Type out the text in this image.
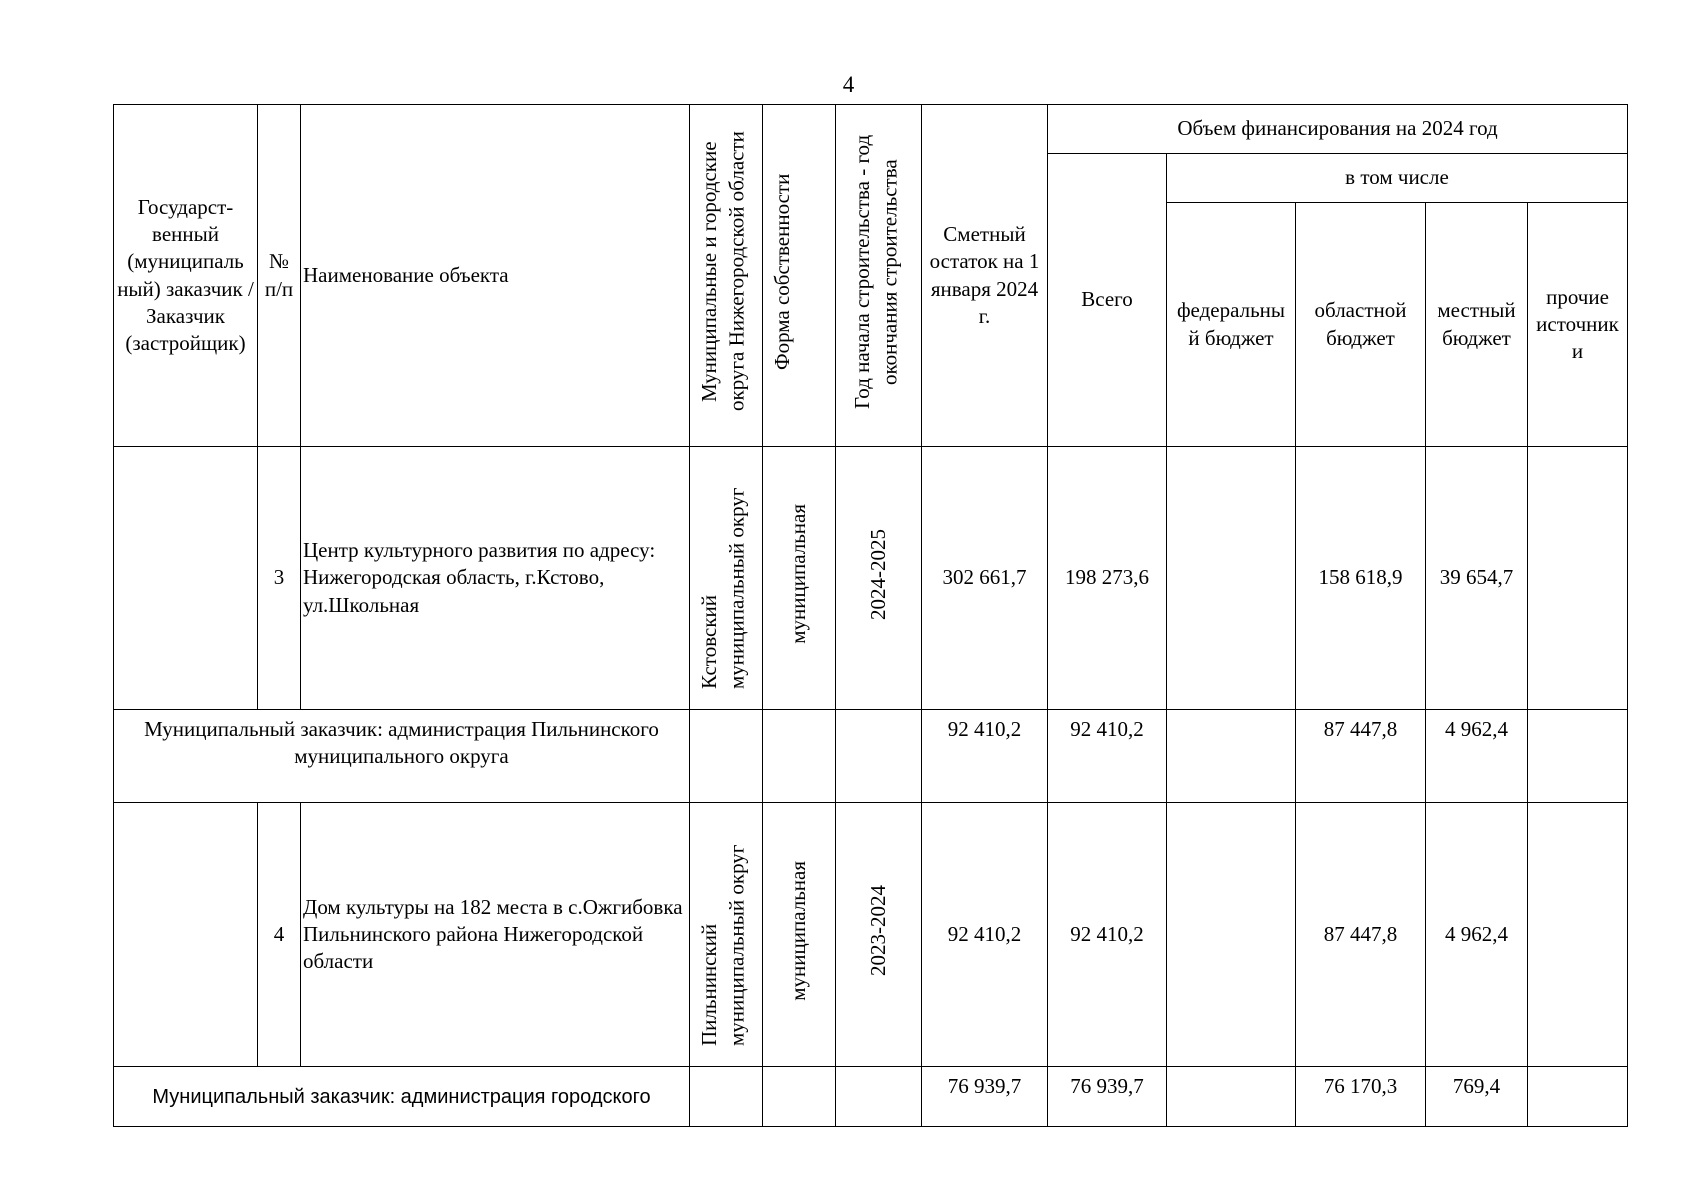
4
Государст-венный (муниципаль ный) заказчик / Заказчик (застройщик)	№ п/п	Наименование объекта	Муниципальные и городские округа Нижегородской области	Форма собственности	Год начала строительства - год окончания строительства	Сметный остаток на 1 января 2024 г.	Объем финансирования на 2024 год				
							Всего	в том числе			
								федеральны й бюджет	областной бюджет	местный бюджет	прочие источник и
	3	Центр культурного развития по адресу: Нижегородская область, г.Кстово, ул.Школьная	Кстовский муниципальный округ	муниципальная	2024-2025	302 661,7	198 273,6		158 618,9	39 654,7	
Муниципальный заказчик: администрация Пильнинского муниципального округа						92 410,2	92 410,2		87 447,8	4 962,4	
	4	Дом культуры на 182 места в с.Ожгибовка Пильнинского района Нижегородской области	Пильнинский муниципальный округ	муниципальная	2023-2024	92 410,2	92 410,2		87 447,8	4 962,4	
Муниципальный заказчик: администрация городского						76 939,7	76 939,7		76 170,3	769,4	
